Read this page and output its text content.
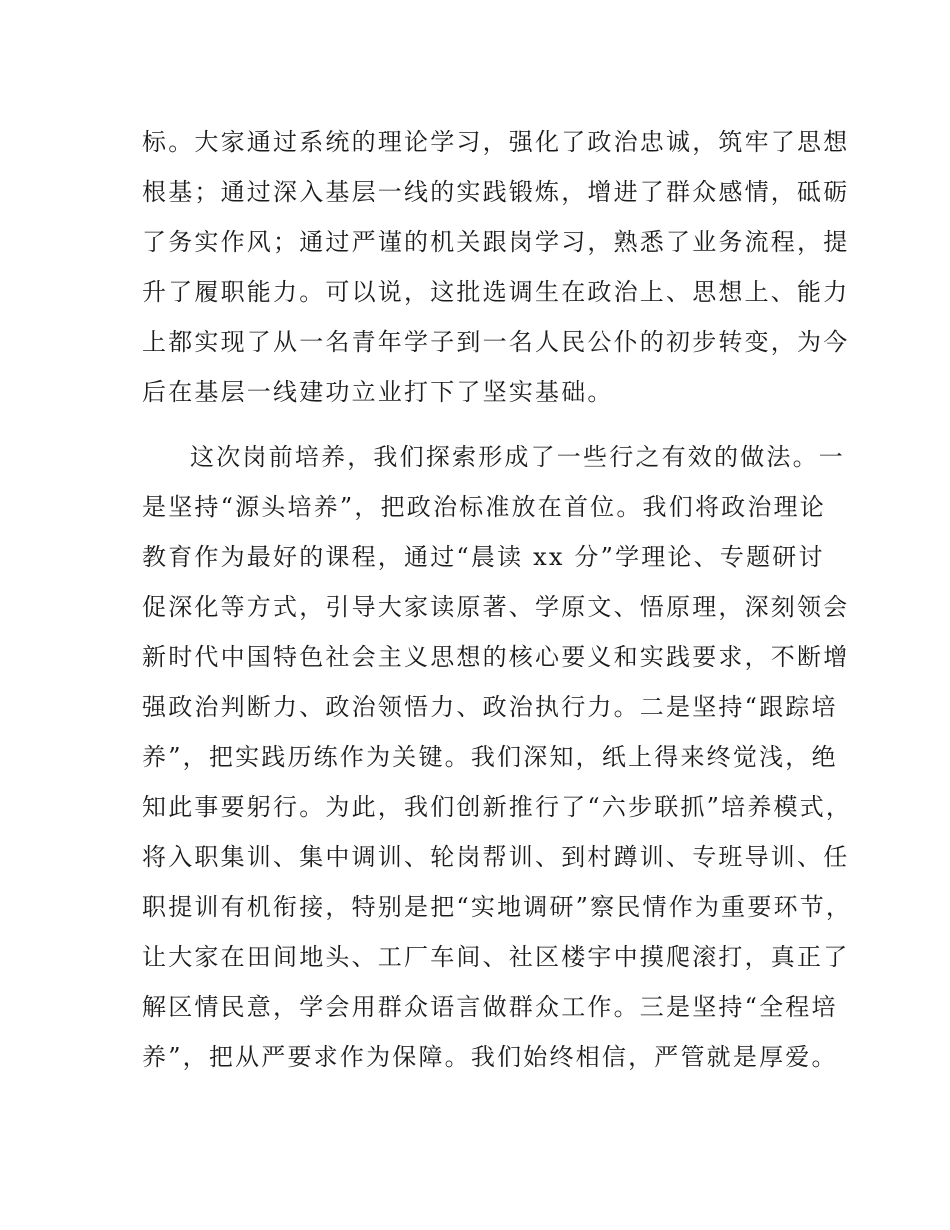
标。大家通过系统的理论学习，强化了政治忠诚，筑牢了思想
根基；通过深入基层一线的实践锻炼，增进了群众感情，砥砺
了务实作风；通过严谨的机关跟岗学习，熟悉了业务流程，提
升了履职能力。可以说，这批选调生在政治上、思想上、能力
上都实现了从一名青年学子到一名人民公仆的初步转变，为今
后在基层一线建功立业打下了坚实基础。
这次岗前培养，我们探索形成了一些行之有效的做法。一
是坚持“源头培养”，把政治标准放在首位。我们将政治理论
教育作为最好的课程，通过“晨读 xx 分”学理论、专题研讨
促深化等方式，引导大家读原著、学原文、悟原理，深刻领会
新时代中国特色社会主义思想的核心要义和实践要求，不断增
强政治判断力、政治领悟力、政治执行力。二是坚持“跟踪培
养”，把实践历练作为关键。我们深知，纸上得来终觉浅，绝
知此事要躬行。为此，我们创新推行了“六步联抓”培养模式，
将入职集训、集中调训、轮岗帮训、到村蹲训、专班导训、任
职提训有机衔接，特别是把“实地调研”察民情作为重要环节，
让大家在田间地头、工厂车间、社区楼宇中摸爬滚打，真正了
解区情民意，学会用群众语言做群众工作。三是坚持“全程培
养”，把从严要求作为保障。我们始终相信，严管就是厚爱。
